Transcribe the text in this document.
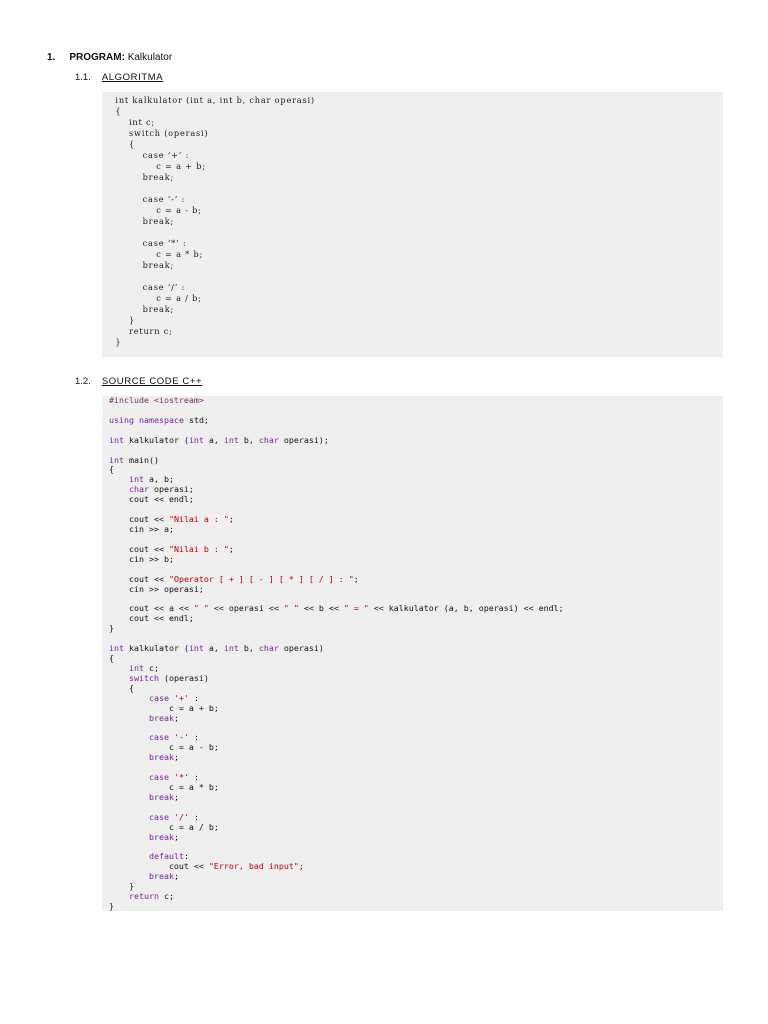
1. PROGRAM: Kalkulator
1.1. ALGORITMA
int kalkulator (int a, int b, char operasi)
{
int c;
switch (operasi)
{
case ‘+’ :
c = a + b;
break;
case ‘-’ :
c = a - b;
break;
case ‘*’ :
c = a * b;
break;
case ‘/’ :
c = a / b;
break;
}
return c;
}
1.2. SOURCE CODE C++
#include <iostream>
using namespace std;
int kalkulator (int a, int b, char operasi);
int main()
{
int a, b;
char operasi;
cout << endl;
cout << "Nilai a : ";
cin >> a;
cout << "Nilai b : ";
cin >> b;
cout << "Operator [ + ] [ - ] [ * ] [ / ] : ";
cin >> operasi;
cout << a << " " << operasi << " " << b << " = " << kalkulator (a, b, operasi) << endl;
cout << endl;
}
int kalkulator (int a, int b, char operasi)
{
int c;
switch (operasi)
{
case '+' :
c = a + b;
break;
case '-' :
c = a - b;
break;
case '*' :
c = a * b;
break;
case '/' :
c = a / b;
break;
default:
cout << "Error, bad input";
break;
}
return c;
}
